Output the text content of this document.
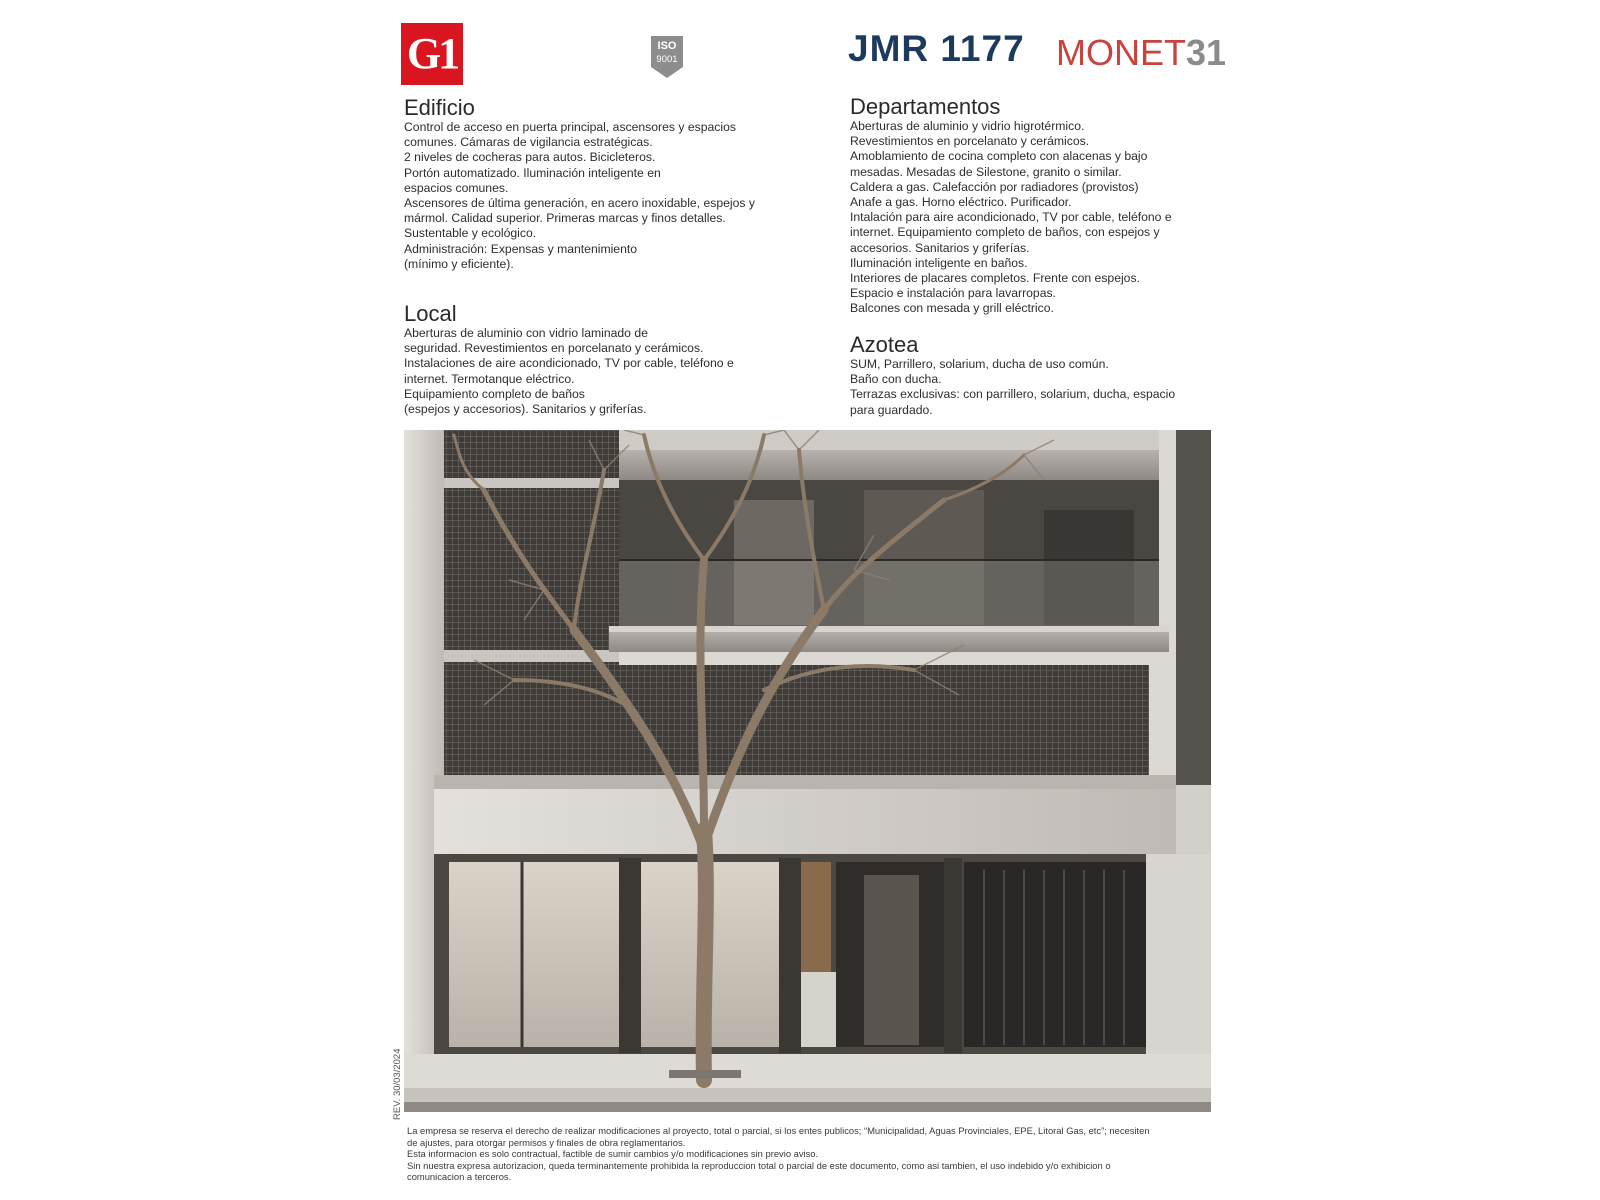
G1	ISO
9001	JMR 1177 MONET31
Edificio
Control de acceso en puerta principal, ascensores y espacios
comunes. Cámaras de vigilancia estratégicas.
2 niveles de cocheras para autos. Bicicleteros.
Portón automatizado. Iluminación inteligente en
espacios comunes.
Ascensores de última generación, en acero inoxidable, espejos y
mármol. Calidad superior. Primeras marcas y finos detalles.
Sustentable y ecológico.
Administración: Expensas y mantenimiento
(mínimo y eficiente).
Local
Aberturas de aluminio con vidrio laminado de
seguridad. Revestimientos en porcelanato y cerámicos.
Instalaciones de aire acondicionado, TV por cable, teléfono e
internet. Termotanque eléctrico.
Equipamiento completo de baños
(espejos y accesorios). Sanitarios y griferías.
Departamentos
Aberturas de aluminio y vidrio higrotérmico.
Revestimientos en porcelanato y cerámicos.
Amoblamiento de cocina completo con alacenas y bajo
mesadas. Mesadas de Silestone, granito o similar.
Caldera a gas. Calefacción por radiadores (provistos)
Anafe a gas. Horno eléctrico. Purificador.
Intalación para aire acondicionado, TV por cable, teléfono e
internet. Equipamiento completo de baños, con espejos y
accesorios. Sanitarios y griferías.
Iluminación inteligente en baños.
Interiores de placares completos. Frente con espejos.
Espacio e instalación para lavarropas.
Balcones con mesada y grill eléctrico.
Azotea
SUM, Parrillero, solarium, ducha de uso común.
Baño con ducha.
Terrazas exclusivas: con parrillero, solarium, ducha, espacio
para guardado.
REV. 30/03/2024
La empresa se reserva el derecho de realizar modificaciones al proyecto, total o parcial, si los entes publicos; “Municipalidad, Aguas Provinciales, EPE, Litoral Gas, etc”; necesiten
de ajustes, para otorgar permisos y finales de obra reglamentarios.
Esta informacion es solo contractual, factible de sumir cambios y/o modificaciones sin previo aviso.
Sin nuestra expresa autorizacion, queda terminantemente prohibida la reproduccion total o parcial de este documento, como asi tambien, el uso indebido y/o exhibicion o
comunicacion a terceros.
